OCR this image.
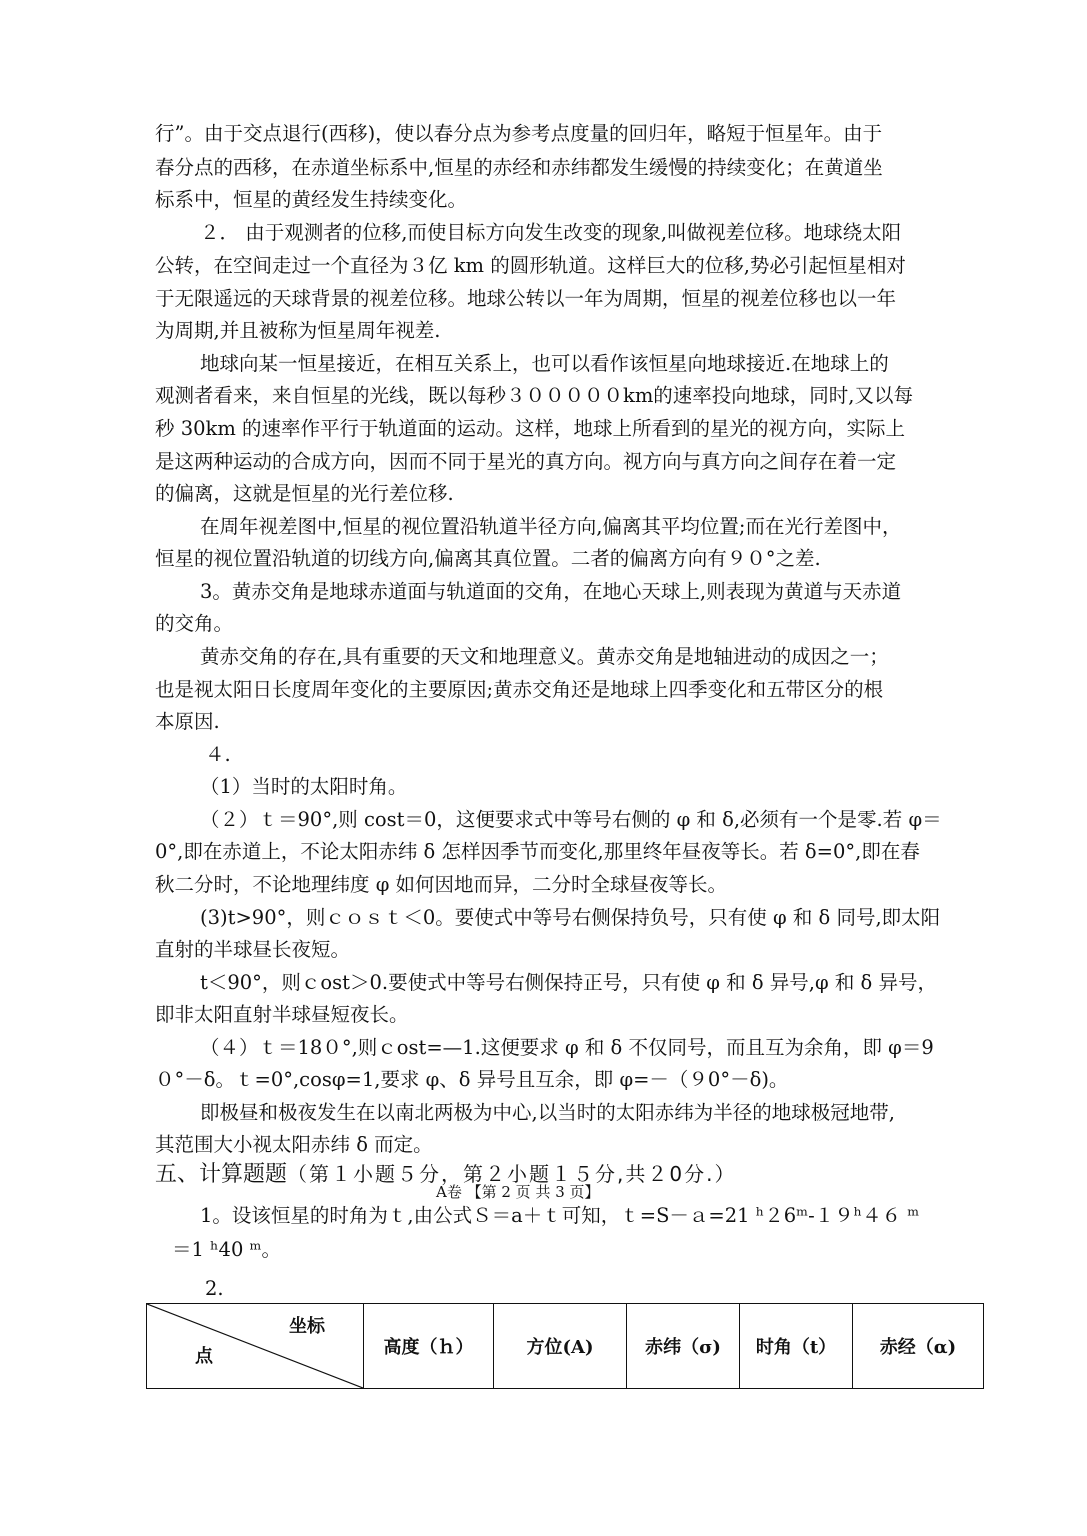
行”。由于交点退行(西移)，使以春分点为参考点度量的回归年，略短于恒星年。由于
春分点的西移，在赤道坐标系中,恒星的赤经和赤纬都发生缓慢的持续变化；在黄道坐
标系中，恒星的黄经发生持续变化。
２． 由于观测者的位移,而使目标方向发生改变的现象,叫做视差位移。地球绕太阳
公转，在空间走过一个直径为３亿 km 的圆形轨道。这样巨大的位移,势必引起恒星相对
于无限遥远的天球背景的视差位移。地球公转以一年为周期，恒星的视差位移也以一年
为周期,并且被称为恒星周年视差.
地球向某一恒星接近，在相互关系上，也可以看作该恒星向地球接近.在地球上的
观测者看来，来自恒星的光线，既以每秒３０００００km的速率投向地球，同时,又以每
秒 30km 的速率作平行于轨道面的运动。这样，地球上所看到的星光的视方向，实际上
是这两种运动的合成方向，因而不同于星光的真方向。视方向与真方向之间存在着一定
的偏离，这就是恒星的光行差位移.
在周年视差图中,恒星的视位置沿轨道半径方向,偏离其平均位置;而在光行差图中，
恒星的视位置沿轨道的切线方向,偏离其真位置。二者的偏离方向有９０°之差.
3。黄赤交角是地球赤道面与轨道面的交角，在地心天球上,则表现为黄道与天赤道
的交角。
黄赤交角的存在,具有重要的天文和地理意义。黄赤交角是地轴进动的成因之一；
也是视太阳日长度周年变化的主要原因;黄赤交角还是地球上四季变化和五带区分的根
本原因.
４.
（1）当时的太阳时角。
（２）ｔ＝90°,则 cost＝0，这便要求式中等号右侧的 φ 和 δ,必须有一个是零.若 φ＝
0°,即在赤道上，不论太阳赤纬 δ 怎样因季节而变化,那里终年昼夜等长。若 δ=0°,即在春
秋二分时，不论地理纬度 φ 如何因地而异，二分时全球昼夜等长。
(3)t>90°，则ｃｏｓｔ＜0。要使式中等号右侧保持负号，只有使 φ 和 δ 同号,即太阳
直射的半球昼长夜短。
t＜90°，则ｃost＞0.要使式中等号右侧保持正号，只有使 φ 和 δ 异号,φ 和 δ 异号，
即非太阳直射半球昼短夜长。
（４）ｔ＝18０°,则ｃost=—1.这便要求 φ 和 δ 不仅同号，而且互为余角，即 φ＝9
０°－δ。ｔ=0°,cosφ=1,要求 φ、δ 异号且互余，即 φ=－（９0°－δ)。
即极昼和极夜发生在以南北两极为中心,以当时的太阳赤纬为半径的地球极冠地带,
其范围大小视太阳赤纬 δ 而定。
五、计算题题（第１小题５分，第２小题１５分,共２0分.）
A卷 【第 2 页 共 3 页】
1。设该恒星的时角为ｔ,由公式Ｓ＝a＋ｔ可知，ｔ=S－ａ=21 ʰ２6ᵐ-１９ʰ４６ ᵐ
＝1 ʰ40 ᵐ。
2.
坐标
点	高度（ｈ）	方位(A)	赤纬（σ)	时角（t）	赤经（α)
